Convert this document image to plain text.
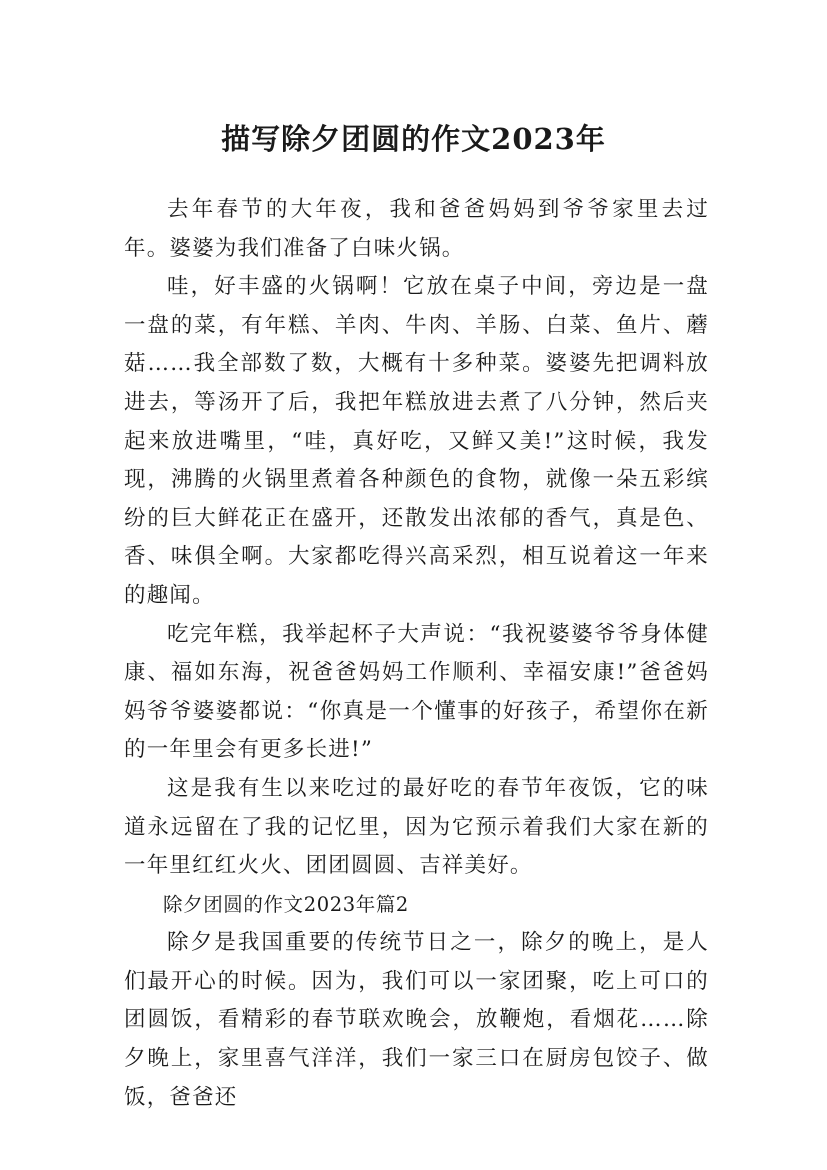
描写除夕团圆的作文2023年

去年春节的大年夜，我和爸爸妈妈到爷爷家里去过年。婆婆为我们准备了白味火锅。

哇，好丰盛的火锅啊！它放在桌子中间，旁边是一盘一盘的菜，有年糕、羊肉、牛肉、羊肠、白菜、鱼片、蘑菇……我全部数了数，大概有十多种菜。婆婆先把调料放进去，等汤开了后，我把年糕放进去煮了八分钟，然后夹起来放进嘴里，“哇，真好吃，又鲜又美!”这时候，我发现，沸腾的火锅里煮着各种颜色的食物，就像一朵五彩缤纷的巨大鲜花正在盛开，还散发出浓郁的香气，真是色、香、味俱全啊。大家都吃得兴高采烈，相互说着这一年来的趣闻。

吃完年糕，我举起杯子大声说：“我祝婆婆爷爷身体健康、福如东海，祝爸爸妈妈工作顺利、幸福安康!”爸爸妈妈爷爷婆婆都说：“你真是一个懂事的好孩子，希望你在新的一年里会有更多长进!”

这是我有生以来吃过的最好吃的春节年夜饭，它的味道永远留在了我的记忆里，因为它预示着我们大家在新的一年里红红火火、团团圆圆、吉祥美好。

除夕团圆的作文2023年篇2

除夕是我国重要的传统节日之一，除夕的晚上，是人们最开心的时候。因为，我们可以一家团聚，吃上可口的团圆饭，看精彩的春节联欢晚会，放鞭炮，看烟花……除夕晚上，家里喜气洋洋，我们一家三口在厨房包饺子、做饭，爸爸还
